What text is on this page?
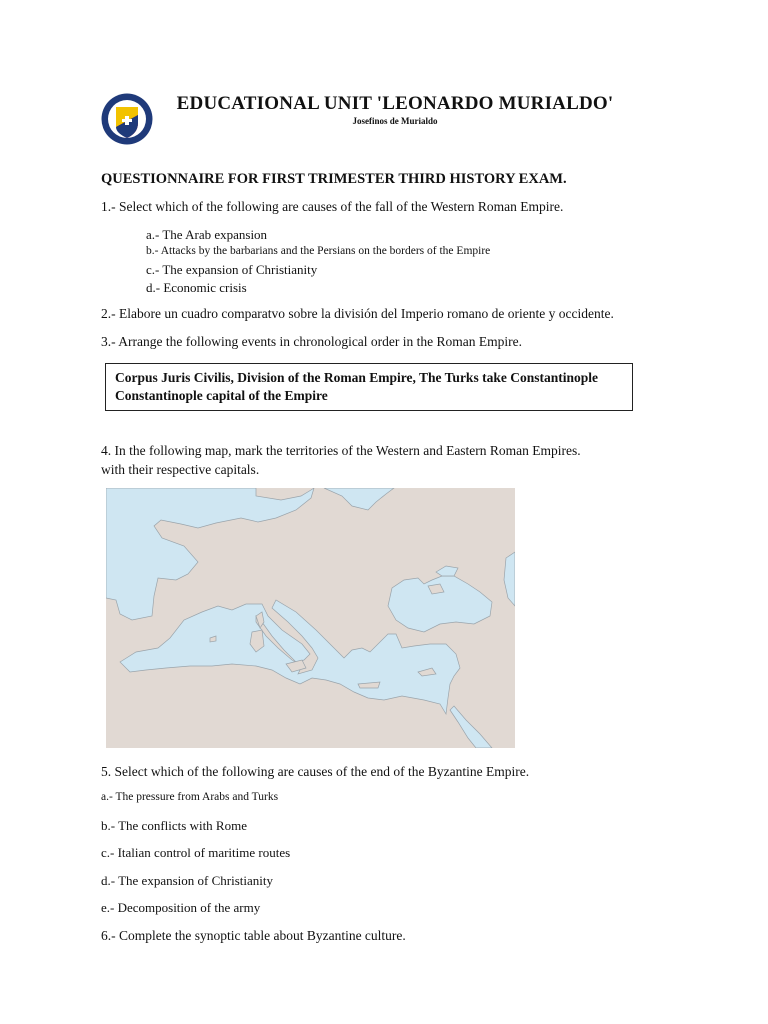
EDUCATIONAL UNIT 'LEONARDO MURIALDO'
Josefinos de Murialdo
QUESTIONNAIRE FOR FIRST TRIMESTER THIRD HISTORY EXAM.
1.- Select which of the following are causes of the fall of the Western Roman Empire.
a.- The Arab expansion
b.- Attacks by the barbarians and the Persians on the borders of the Empire
c.- The expansion of Christianity
d.- Economic crisis
2.- Elabore un cuadro comparatvo sobre la división del Imperio romano de oriente y occidente.
3.- Arrange the following events in chronological order in the Roman Empire.
Corpus Juris Civilis, Division of the Roman Empire, The Turks take Constantinople
Constantinople capital of the Empire
4. In the following map, mark the territories of the Western and Eastern Roman Empires.
with their respective capitals.
5. Select which of the following are causes of the end of the Byzantine Empire.
a.- The pressure from Arabs and Turks
b.- The conflicts with Rome
c.- Italian control of maritime routes
d.- The expansion of Christianity
e.- Decomposition of the army
6.- Complete the synoptic table about Byzantine culture.
